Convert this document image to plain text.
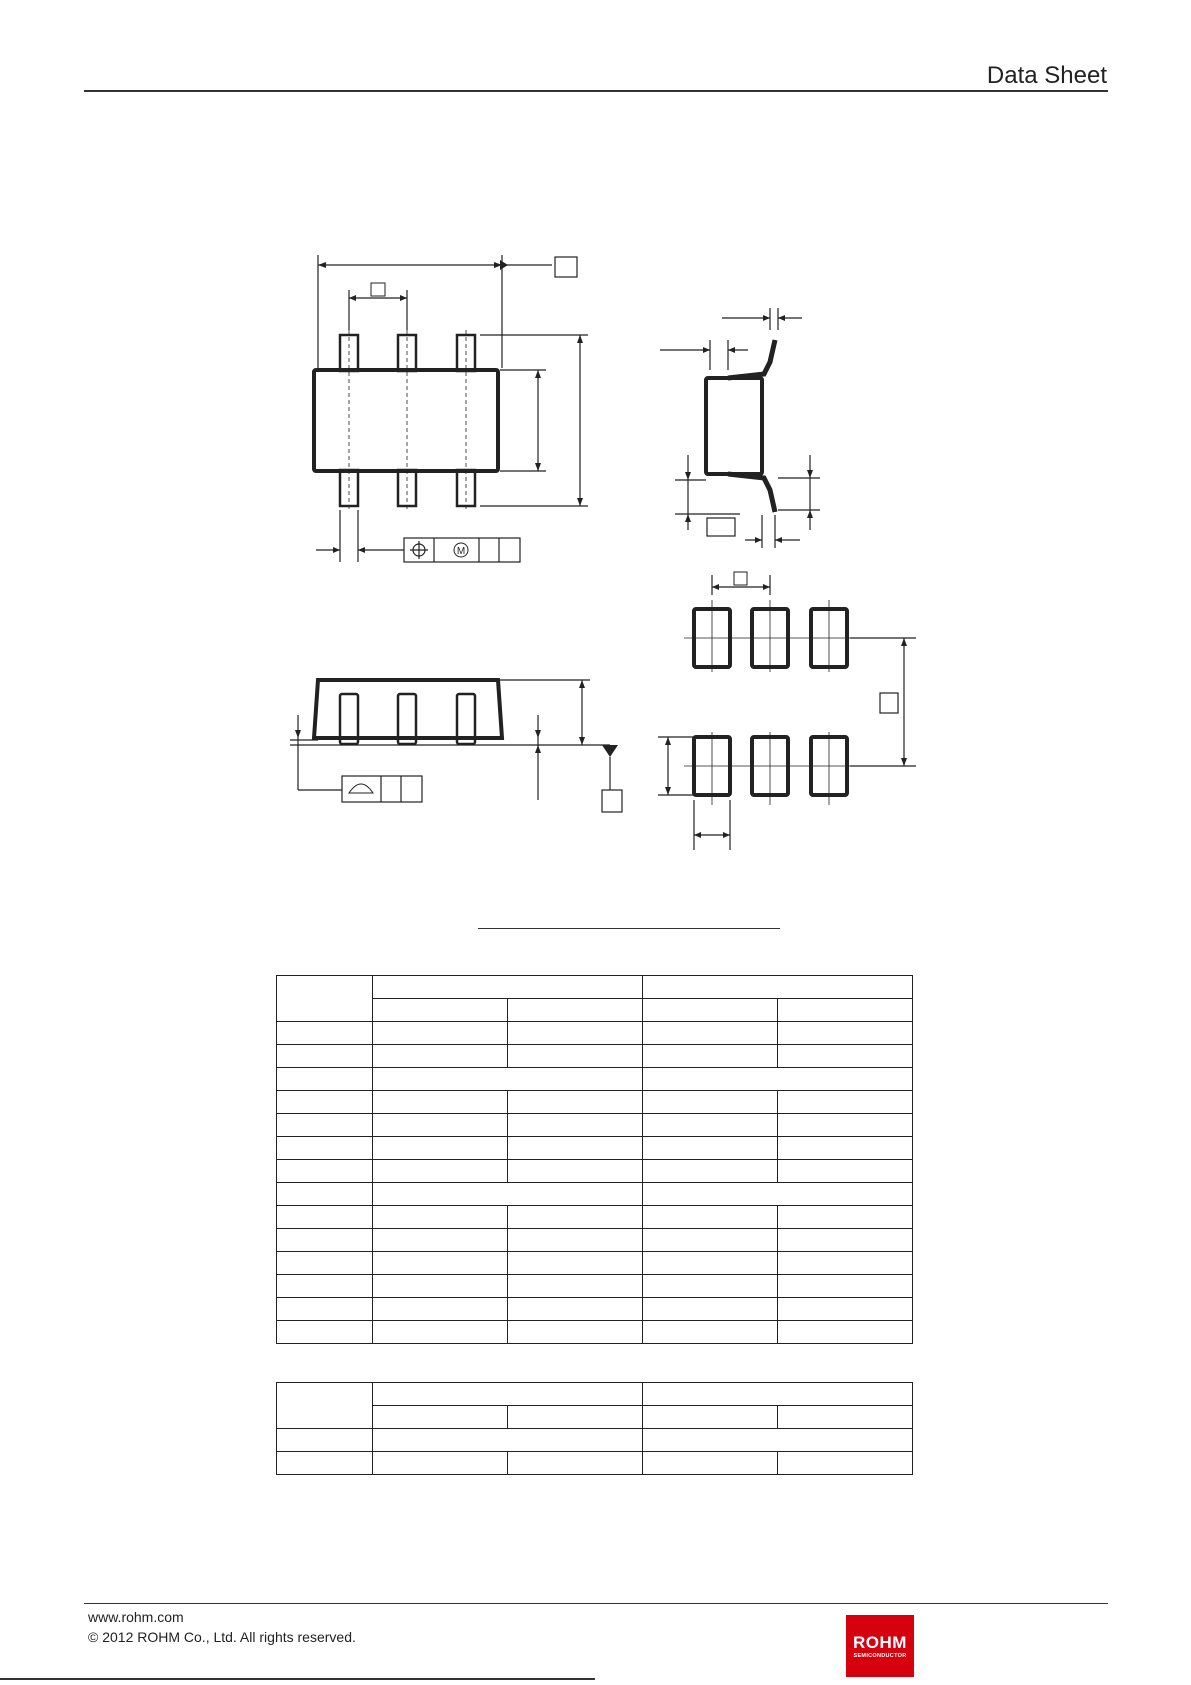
Data Sheet
M

www.rohm.com
© 2012 ROHM Co., Ltd. All rights reserved.	ROHM
SEMICONDUCTOR
